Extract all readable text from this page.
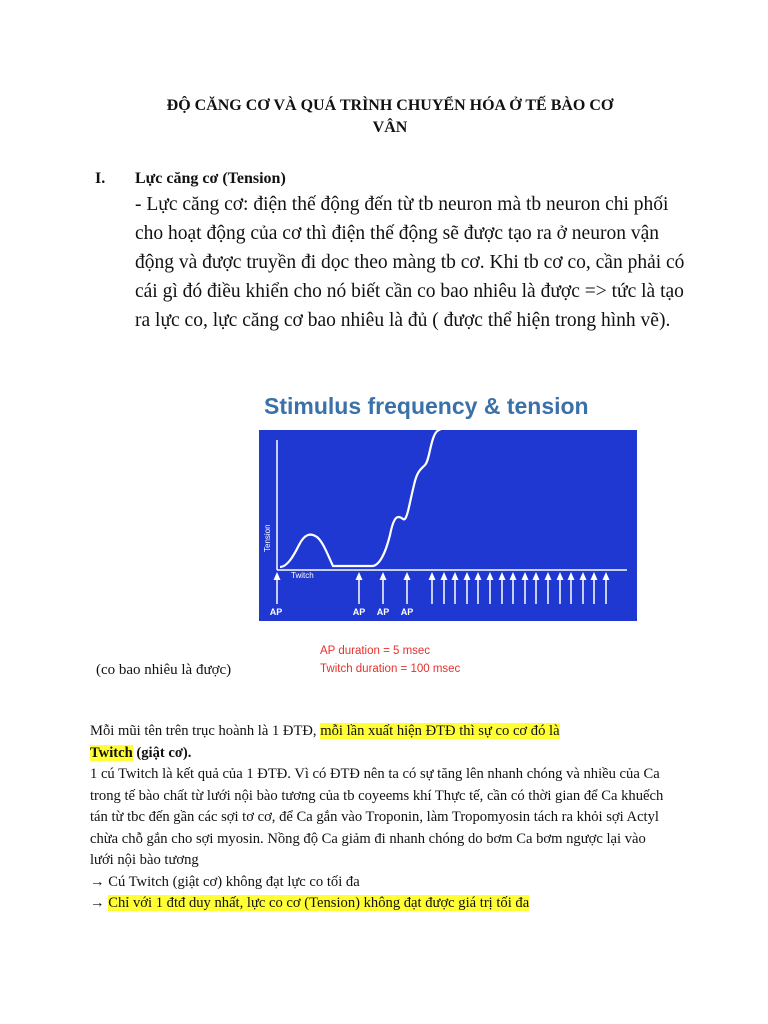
ĐỘ CĂNG CƠ VÀ QUÁ TRÌNH CHUYỂN HÓA Ở TẾ BÀO CƠ
VÂN
I. Lực căng cơ (Tension)
- Lực căng cơ: điện thế động đến từ tb neuron mà tb neuron chi phối cho hoạt động của cơ thì điện thế động sẽ được tạo ra ở neuron vận động và được truyền đi dọc theo màng tb cơ. Khi tb cơ co, cần phải có cái gì đó điều khiển cho nó biết cần co bao nhiêu là được => tức là tạo ra lực co, lực căng cơ bao nhiêu là đủ ( được thể hiện trong hình vẽ).
Stimulus frequency & tension
Tension
Twitch
AP	AP AP AP
AP duration = 5 msec
Twitch duration = 100 msec
(co bao nhiêu là được)

Mỗi mũi tên trên trục hoành là 1 ĐTĐ, mỗi lần xuất hiện ĐTĐ thì sự co cơ đó là
Twitch (giật cơ).

1 cú Twitch là kết quả của 1 ĐTĐ. Vì có ĐTĐ nên ta có sự tăng lên nhanh chóng và nhiều của Ca trong tế bào chất từ lưới nội bào tương của tb coyeems khí Thực tế, cần có thời gian để Ca khuếch tán từ tbc đến gần các sợi tơ cơ, để Ca gắn vào Troponin, làm Tropomyosin tách ra khỏi sợi Actyl chừa chỗ gắn cho sợi myosin. Nồng độ Ca giảm đi nhanh chóng do bơm Ca bơm ngược lại vào lưới nội bào tương

→ Cú Twitch (giật cơ) không đạt lực co tối đa

→ Chỉ với 1 đtđ duy nhất, lực co cơ (Tension) không đạt được giá trị tối đa
